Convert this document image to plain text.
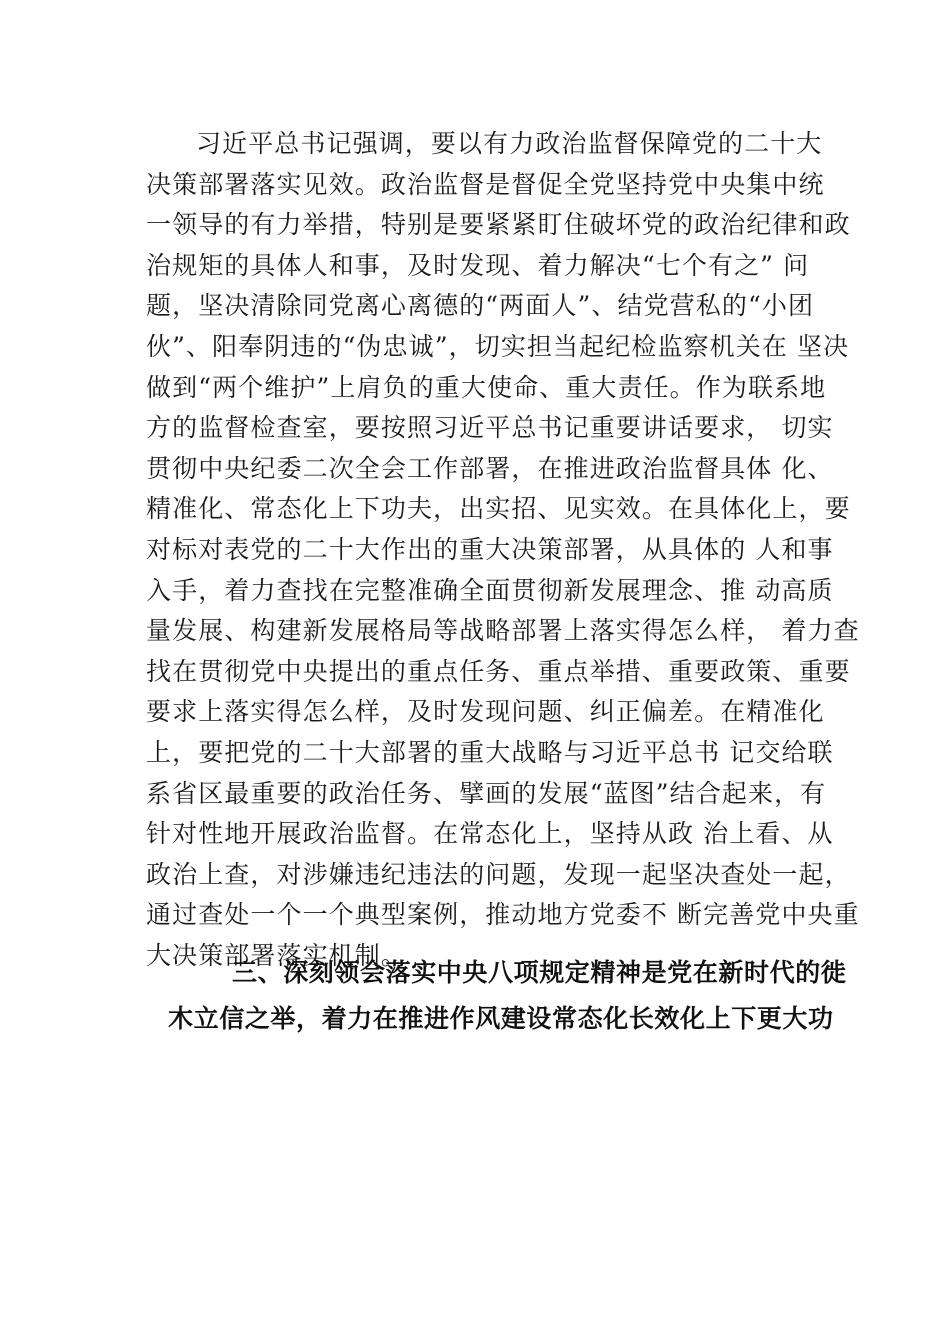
习近平总书记强调，要以有力政治监督保障党的二十大
决策部署落实见效。政治监督是督促全党坚持党中央集中统
一领导的有力举措，特别是要紧紧盯住破坏党的政治纪律和政
治规矩的具体人和事，及时发现、着力解决“七个有之” 问
题，坚决清除同党离心离德的“两面人”、结党营私的“小团
伙”、阳奉阴违的“伪忠诚”，切实担当起纪检监察机关在 坚决
做到“两个维护”上肩负的重大使命、重大责任。作为联系地
方的监督检查室，要按照习近平总书记重要讲话要求， 切实
贯彻中央纪委二次全会工作部署，在推进政治监督具体 化、
精准化、常态化上下功夫，出实招、见实效。在具体化上，要
对标对表党的二十大作出的重大决策部署，从具体的 人和事
入手，着力查找在完整准确全面贯彻新发展理念、推 动高质
量发展、构建新发展格局等战略部署上落实得怎么样， 着力查
找在贯彻党中央提出的重点任务、重点举措、重要政策、重要
要求上落实得怎么样，及时发现问题、纠正偏差。在精准化
上，要把党的二十大部署的重大战略与习近平总书 记交给联
系省区最重要的政治任务、擘画的发展“蓝图”结合起来，有
针对性地开展政治监督。在常态化上，坚持从政 治上看、从
政治上查，对涉嫌违纪违法的问题，发现一起坚决查处一起，
通过查处一个一个典型案例，推动地方党委不 断完善党中央重
大决策部署落实机制。
三、深刻领会落实中央八项规定精神是党在新时代的徙
木立信之举，着力在推进作风建设常态化长效化上下更大功
